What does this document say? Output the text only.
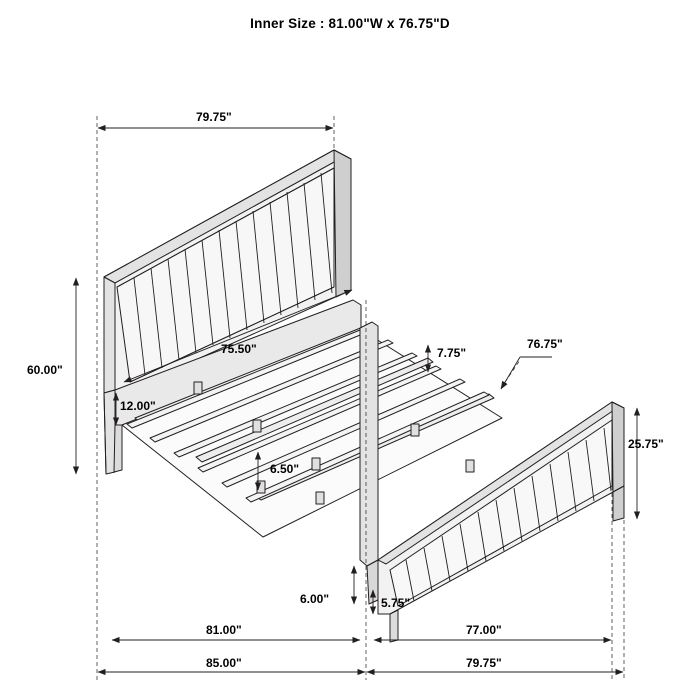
Inner Size : 81.00"W x 76.75"D
79.75"
60.00"
75.50"
12.00"
7.75"
76.75"
25.75"
6.50"
6.00"	5.75"
81.00"	77.00"
85.00"	79.75"
